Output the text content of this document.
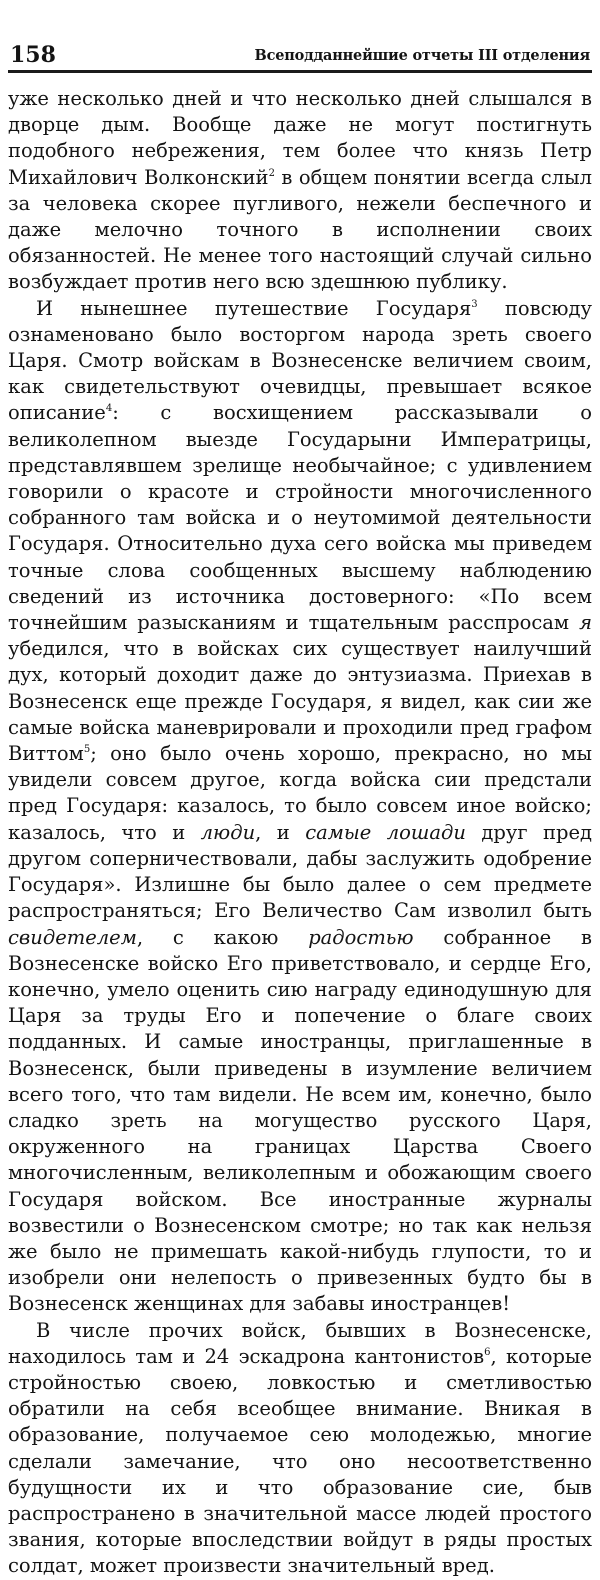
158	Всеподданнейшие отчеты III отделения

уже несколько дней и что несколько дней слышался в дворце дым. Вообще даже не могут постигнуть подобного небрежения, тем более что князь Петр Михайлович Волконский$^2$ в общем понятии всегда слыл за человека скорее пугливого, нежели беспечного и даже мелочно точного в исполнении своих обязанностей. Не менее того настоящий случай сильно возбуждает против него всю здешнюю публику.

И нынешнее путешествие Государя$^3$ повсюду ознаменовано было восторгом народа зреть своего Царя. Смотр войскам в Вознесенске величием своим, как свидетельствуют очевидцы, превышает всякое описание$^4$: с восхищением рассказывали о великолепном выезде Государыни Императрицы, представлявшем зрелище необычайное; с удивлением говорили о красоте и стройности многочисленного собранного там войска и о неутомимой деятельности Государя. Относительно духа сего войска мы приведем точные слова сообщенных высшему наблюдению сведений из источника достоверного: «По всем точнейшим разысканиям и тщательным расспросам я убедился, что в войсках сих существует наилучший дух, который доходит даже до энтузиазма. Приехав в Вознесенск еще прежде Государя, я видел, как сии же самые войска маневрировали и проходили пред графом Виттом$^5$; оно было очень хорошо, прекрасно, но мы увидели совсем другое, когда войска сии предстали пред Государя: казалось, то было совсем иное войско; казалось, что и люди, и самые лошади друг пред другом соперничествовали, дабы заслужить одобрение Государя». Излишне бы было далее о сем предмете распространяться; Его Величество Сам изволил быть свидетелем, с какою радостью собранное в Вознесенске войско Его приветствовало, и сердце Его, конечно, умело оценить сию награду единодушную для Царя за труды Его и попечение о благе своих подданных. И самые иностранцы, приглашенные в Вознесенск, были приведены в изумление величием всего того, что там видели. Не всем им, конечно, было сладко зреть на могущество русского Царя, окруженного на границах Царства Своего многочисленным, великолепным и обожающим своего Государя войском. Все иностранные журналы возвестили о Вознесенском смотре; но так как нельзя же было не примешать какой-нибудь глупости, то и изобрели они нелепость о привезенных будто бы в Вознесенск женщинах для забавы иностранцев!

В числе прочих войск, бывших в Вознесенске, находилось там и 24 эскадрона кантонистов$^6$, которые стройностью своею, ловкостью и сметливостью обратили на себя всеобщее внимание. Вникая в образование, получаемое сею молодежью, многие сделали замечание, что оно несоответственно будущности их и что образование сие, быв распространено в значительной массе людей простого звания, которые впоследствии войдут в ряды простых солдат, может произвести значительный вред.
